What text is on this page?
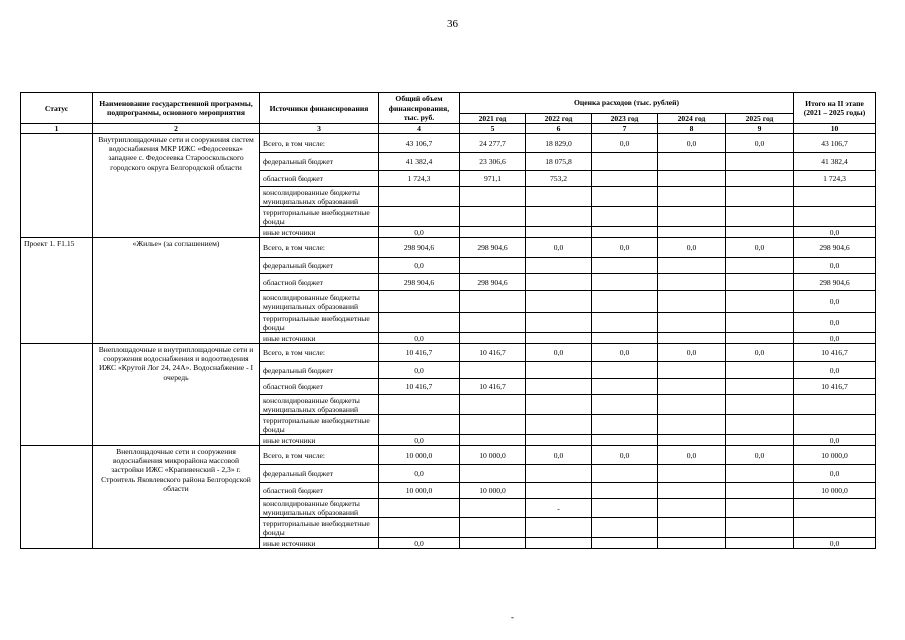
36
Статус	Наименование государственной программы, подпрограммы, основного мероприятия	Источники финансирования	Общий объем финансирования, тыс. руб.	Оценка расходов (тыс. рублей)					Итого на II этапе (2021 – 2025 годы)
				2021 год	2022 год	2023 год	2024 год	2025 год	
1	2	3	4	5	6	7	8	9	10
	Внутриплощадочные сети и сооружения систем водоснабжения МКР ИЖС «Федосеевка» западнее с. Федосеевка Старооскольского городского округа Белгородской области	Всего, в том числе:	43 106,7	24 277,7	18 829,0	0,0	0,0	0,0	43 106,7
		федеральный бюджет	41 382,4	23 306,6	18 075,8				41 382,4
		областной бюджет	1 724,3	971,1	753,2				1 724,3
		консолидированные бюджеты муниципальных образований							
		территориальные внебюджетные фонды							
		иные источники	0,0						0,0
Проект 1. F1.15	«Жилье» (за соглашением)	Всего, в том числе:	298 904,6	298 904,6	0,0	0,0	0,0	0,0	298 904,6
		федеральный бюджет	0,0						0,0
		областной бюджет	298 904,6	298 904,6					298 904,6
		консолидированные бюджеты муниципальных образований							0,0
		территориальные внебюджетные фонды							0,0
		иные источники	0,0						0,0
	Внеплощадочные и внутриплощадочные сети и сооружения водоснабжения и водоотведения ИЖС «Крутой Лог 24, 24А». Водоснабжение - I очередь	Всего, в том числе:	10 416,7	10 416,7	0,0	0,0	0,0	0,0	10 416,7
		федеральный бюджет	0,0						0,0
		областной бюджет	10 416,7	10 416,7					10 416,7
		консолидированные бюджеты муниципальных образований							
		территориальные внебюджетные фонды							
		иные источники	0,0						0,0
	Внеплощадочные сети и сооружения водоснабжения микрорайона массовой застройки ИЖС «Крапивенский - 2,3» г. Строитель Яковлевского района Белгородской области	Всего, в том числе:	10 000,0	10 000,0	0,0	0,0	0,0	0,0	10 000,0
		федеральный бюджет	0,0						0,0
		областной бюджет	10 000,0	10 000,0					10 000,0
		консолидированные бюджеты муниципальных образований			-				
		территориальные внебюджетные фонды							
		иные источники	0,0						0,0
-
